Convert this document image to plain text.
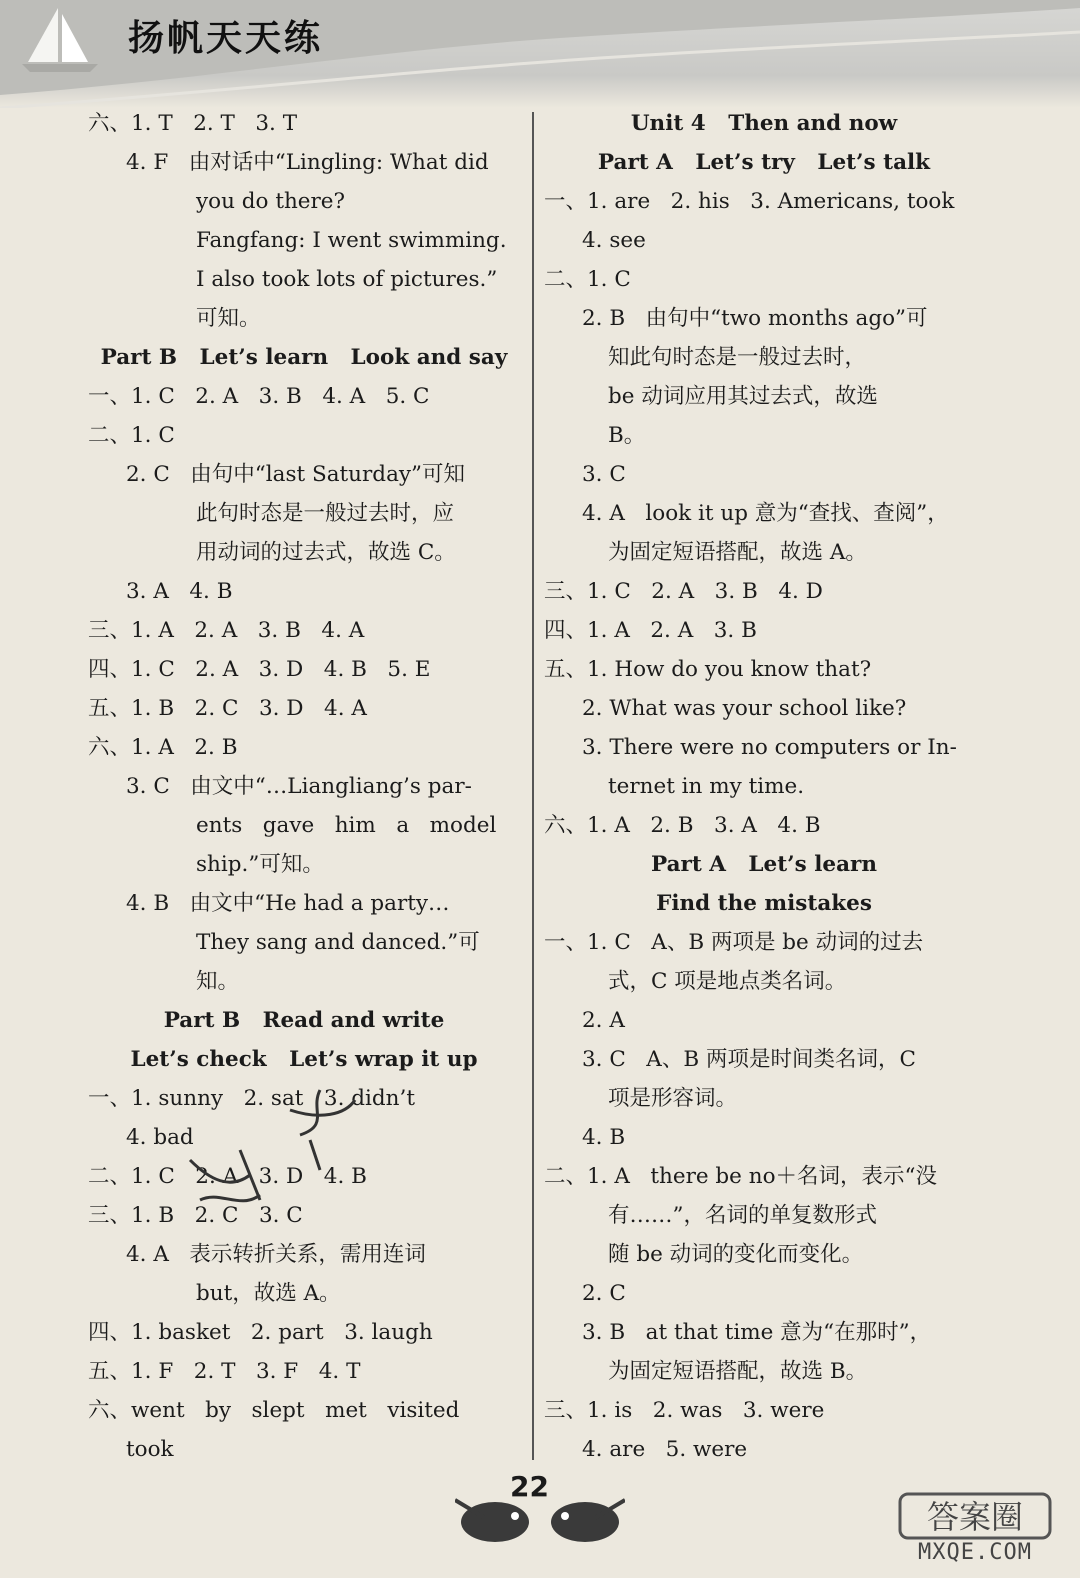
扬帆天天练
六、1. T   2. T   3. T
4. F   由对话中“Lingling: What did
you do there?
Fangfang: I went swimming.
I also took lots of pictures.”
可知。
Part B   Let’s learn   Look and say
一、1. C   2. A   3. B   4. A   5. C
二、1. C
2. C   由句中“last Saturday”可知
此句时态是一般过去时，应
用动词的过去式，故选 C。
3. A   4. B
三、1. A   2. A   3. B   4. A
四、1. C   2. A   3. D   4. B   5. E
五、1. B   2. C   3. D   4. A
六、1. A   2. B
3. C   由文中“…Liangliang’s par-
ents   gave   him   a   model
ship.”可知。
4. B   由文中“He had a party…
They sang and danced.”可
知。
Part B   Read and write
Let’s check   Let’s wrap it up
一、1. sunny   2. sat   3. didn’t
4. bad
二、1. C   2. A   3. D   4. B
三、1. B   2. C   3. C
4. A   表示转折关系，需用连词
but，故选 A。
四、1. basket   2. part   3. laugh
五、1. F   2. T   3. F   4. T
六、went   by   slept   met   visited
took
Unit 4   Then and now
Part A   Let’s try   Let’s talk
一、1. are   2. his   3. Americans, took
4. see
二、1. C
2. B   由句中“two months ago”可
知此句时态是一般过去时，
be 动词应用其过去式，故选
B。
3. C
4. A   look it up 意为“查找、查阅”，
为固定短语搭配，故选 A。
三、1. C   2. A   3. B   4. D
四、1. A   2. A   3. B
五、1. How do you know that?
2. What was your school like?
3. There were no computers or In-
ternet in my time.
六、1. A   2. B   3. A   4. B
Part A   Let’s learn
Find the mistakes
一、1. C   A、B 两项是 be 动词的过去
式，C 项是地点类名词。
2. A
3. C   A、B 两项是时间类名词，C
项是形容词。
4. B
二、1. A   there be no＋名词，表示“没
有……”，名词的单复数形式
随 be 动词的变化而变化。
2. C
3. B   at that time 意为“在那时”，
为固定短语搭配，故选 B。
三、1. is   2. was   3. were
4. are   5. were
22
答案圈
MXQE.COM
